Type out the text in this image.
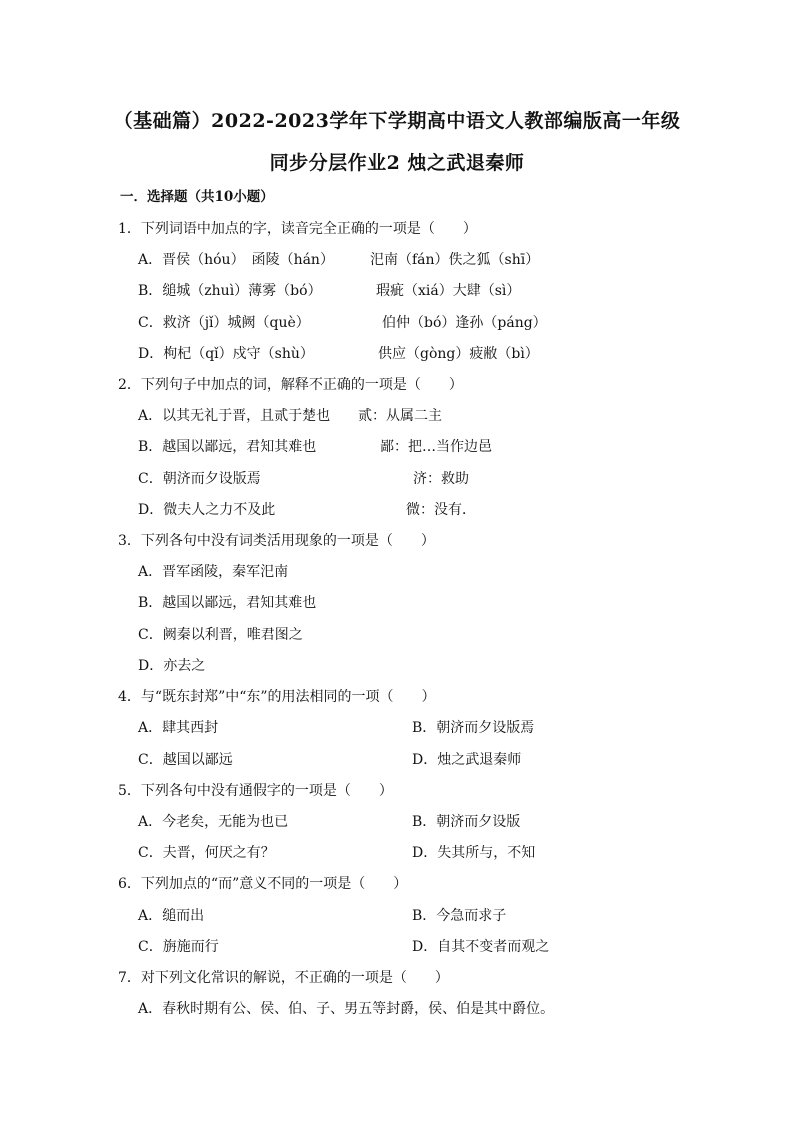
（基础篇）2022-2023学年下学期高中语文人教部编版高一年级
同步分层作业2 烛之武退秦师
一．选择题（共10小题）
1．下列词语中加点的字，读音完全正确的一项是（　　）
A．晋侯（hóu）　函陵（hán）	汜南（fán）佚之狐（shī）
B．缒城（zhuì）薄雾（bó）	瑕疵（xiá）大肆（sì）
C．救济（jǐ）城阙（què）	伯仲（bó）逢孙（páng）
D．枸杞（qǐ）戍守（shù）	供应（gòng）疲敝（bì）
2．下列句子中加点的词，解释不正确的一项是（　　）
A．以其无礼于晋，且贰于楚也 贰：从属二主
B．越国以鄙远，君知其难也	鄙：把…当作边邑
C．朝济而夕设版焉	济：救助
D．微夫人之力不及此	微：没有．
3．下列各句中没有词类活用现象的一项是（　　）
A．晋军函陵，秦军汜南
B．越国以鄙远，君知其难也
C．阙秦以利晋，唯君图之
D．亦去之
4．与“既东封郑”中“东”的用法相同的一项（　　）
A．肆其西封	B．朝济而夕设版焉
C．越国以鄙远	D．烛之武退秦师
5．下列各句中没有通假字的一项是（　　）
A．今老矣，无能为也已	B．朝济而夕设版
C．夫晋，何厌之有？	D．失其所与，不知
6．下列加点的“而”意义不同的一项是（　　）
A．缒而出	B．今急而求子
C．旃施而行	D．自其不变者而观之
7．对下列文化常识的解说，不正确的一项是（　　）
A．春秋时期有公、侯、伯、子、男五等封爵，侯、伯是其中爵位。
